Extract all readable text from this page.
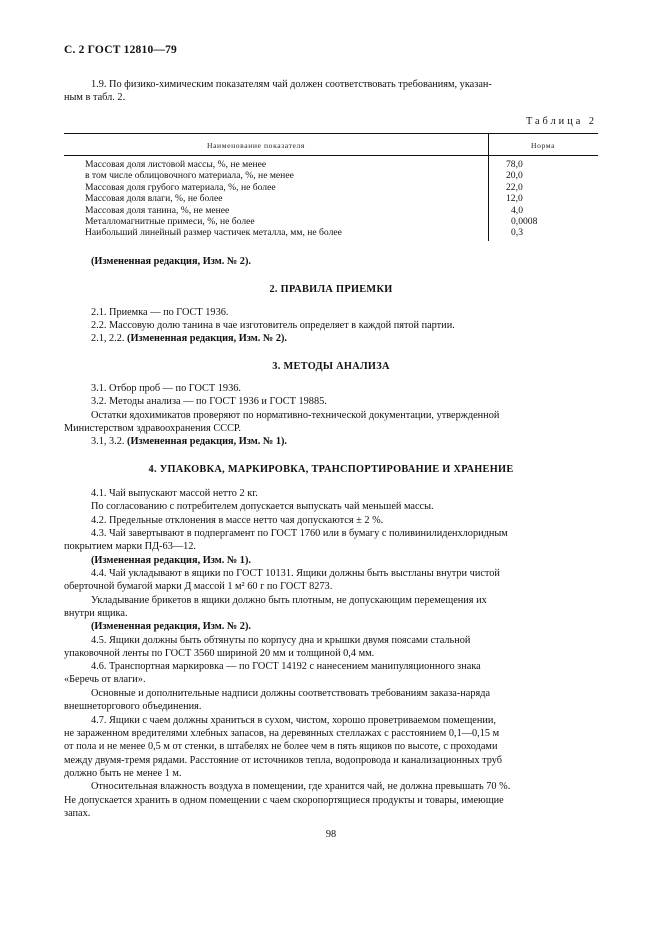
С. 2 ГОСТ 12810—79
1.9. По физико-химическим показателям чай должен соответствовать требованиям, указан-
ным в табл. 2.
Таблица 2
Наименование показателя	Норма
Массовая доля листовой массы, %, не менее	78,0
в том числе облицовочного материала, %, не менее	20,0
Массовая доля грубого материала, %, не более	22,0
Массовая доля влаги, %, не более	12,0
Массовая доля танина, %, не менее	4,0
Металломагнитные примеси, %, не более	0,0008
Наибольший линейный размер частичек металла, мм, не более	0,3
(Измененная редакция, Изм. № 2).
2. ПРАВИЛА ПРИЕМКИ
2.1. Приемка — по ГОСТ 1936.
2.2. Массовую долю танина в чае изготовитель определяет в каждой пятой партии.
2.1, 2.2. (Измененная редакция, Изм. № 2).
3. МЕТОДЫ АНАЛИЗА
3.1. Отбор проб — по ГОСТ 1936.
3.2. Методы анализа — по ГОСТ 1936 и ГОСТ 19885.
Остатки ядохимикатов проверяют по нормативно-технической документации, утвержденной
Министерством здравоохранения СССР.
3.1, 3.2. (Измененная редакция, Изм. № 1).
4. УПАКОВКА, МАРКИРОВКА, ТРАНСПОРТИРОВАНИЕ И ХРАНЕНИЕ
4.1. Чай выпускают массой нетто 2 кг.
По согласованию с потребителем допускается выпускать чай меньшей массы.
4.2. Предельные отклонения в массе нетто чая допускаются ± 2 %.
4.3. Чай завертывают в подпергамент по ГОСТ 1760 или в бумагу с поливинилиденхлоридным
покрытием марки ПД-63—12.
(Измененная редакция, Изм. № 1).
4.4. Чай укладывают в ящики по ГОСТ 10131. Ящики должны быть выстланы внутри чистой
оберточной бумагой марки Д массой 1 м² 60 г по ГОСТ 8273.
Укладывание брикетов в ящики должно быть плотным, не допускающим перемещения их
внутри ящика.
(Измененная редакция, Изм. № 2).
4.5. Ящики должны быть обтянуты по корпусу дна и крышки двумя поясами стальной
упаковочной ленты по ГОСТ 3560 шириной 20 мм и толщиной 0,4 мм.
4.6. Транспортная маркировка — по ГОСТ 14192 с нанесением манипуляционного знака
«Беречь от влаги».
Основные и дополнительные надписи должны соответствовать требованиям заказа-наряда
внешнеторгового объединения.
4.7. Ящики с чаем должны храниться в сухом, чистом, хорошо проветриваемом помещении,
не зараженном вредителями хлебных запасов, на деревянных стеллажах с расстоянием 0,1—0,15 м
от пола и не менее 0,5 м от стенки, в штабелях не более чем в пять ящиков по высоте, с проходами
между двумя-тремя рядами. Расстояние от источников тепла, водопровода и канализационных труб
должно быть не менее 1 м.
Относительная влажность воздуха в помещении, где хранится чай, не должна превышать 70 %.
Не допускается хранить в одном помещении с чаем скоропортящиеся продукты и товары, имеющие
запах.
98
